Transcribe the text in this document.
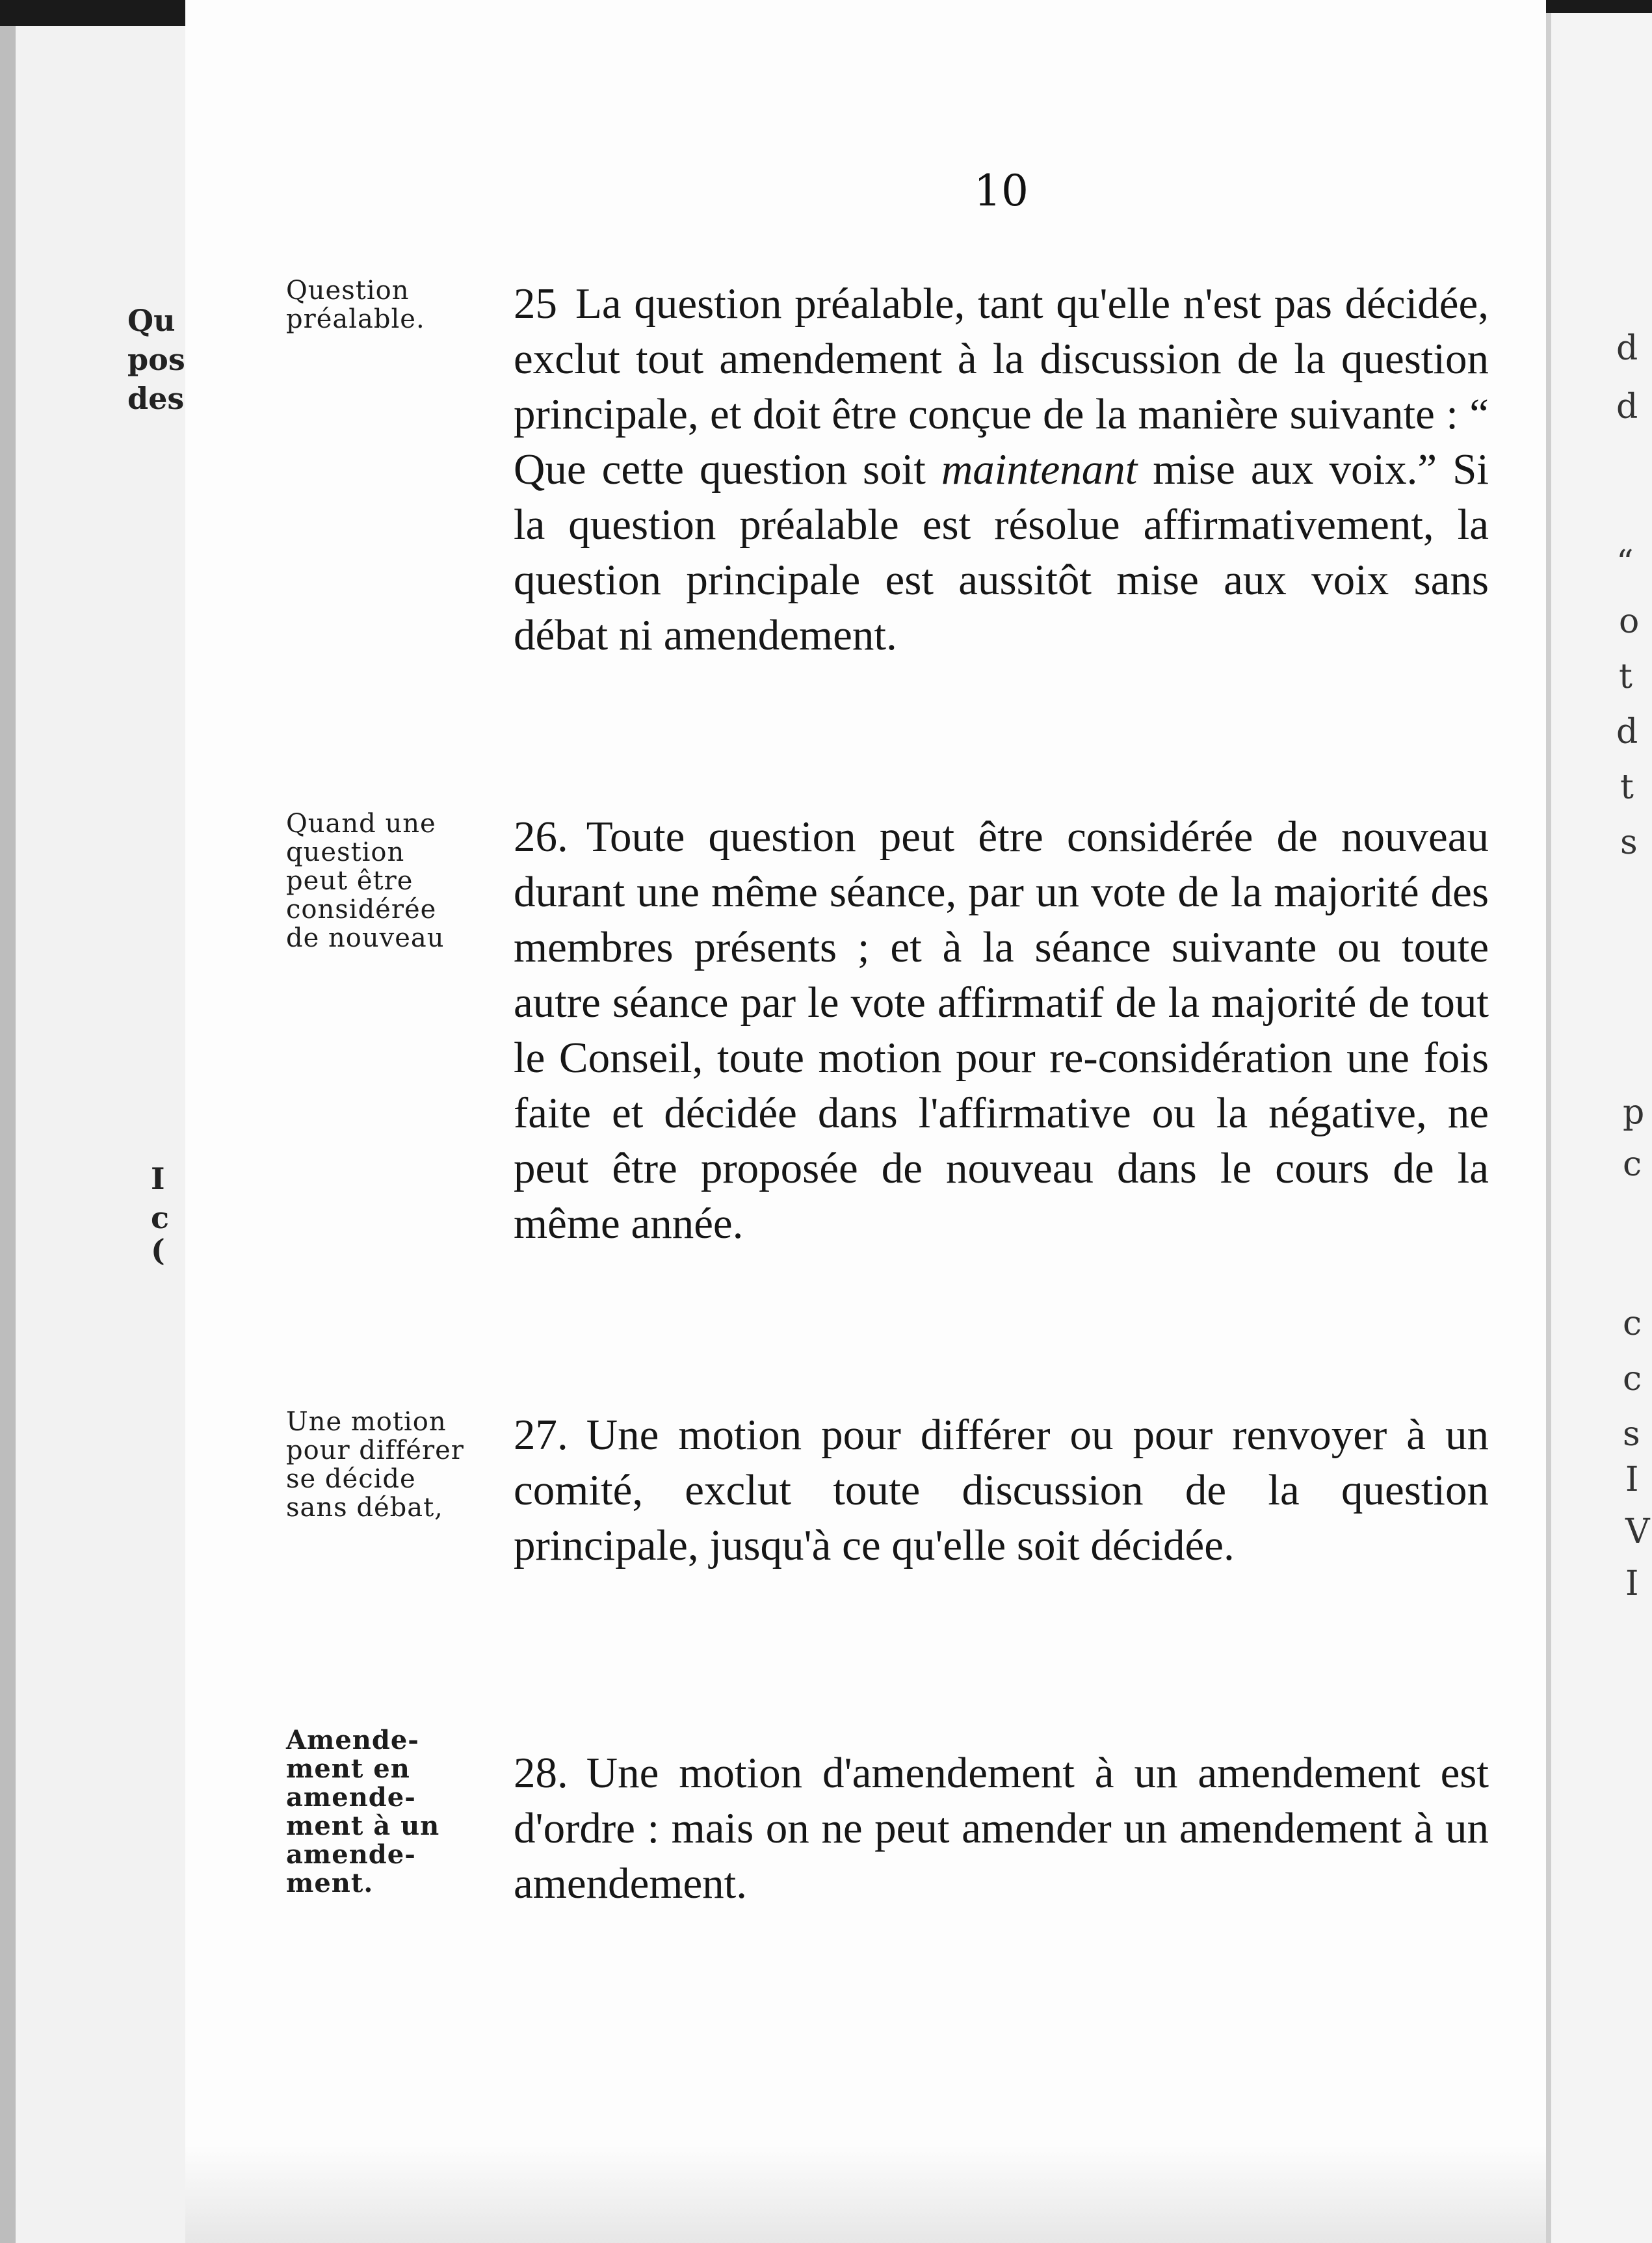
Qu
pos
des
I
c
(
d
d
“
o
t
d
t
s
p
c
c
c
s
I
V
I
10
Question
préalable.	25 La question préalable, tant qu'elle n'est pas décidée, exclut tout amendement à la discussion de la question principale, et doit être conçue de la manière suivante : “ Que cette question soit maintenant mise aux voix.” Si la question préalable est résolue affirmativement, la question principale est aussitôt mise aux voix sans débat ni amendement.
Quand une
question
peut être
considérée
de nouveau
26. Toute question peut être considérée de nouveau durant une même séance, par un vote de la majorité des membres présents ; et à la séance suivante ou toute autre séance par le vote affirmatif de la majorité de tout le Conseil, toute motion pour re-considération une fois faite et décidée dans l'affirmative ou la négative, ne peut être proposée de nouveau dans le cours de la même année.
Une motion
pour différer
se décide
sans débat,
27. Une motion pour différer ou pour renvoyer à un comité, exclut toute discussion de la question principale, jusqu'à ce qu'elle soit décidée.
Amende-
ment en
amende-
ment à un
amende-
ment.
28. Une motion d'amendement à un amendement est d'ordre : mais on ne peut amender un amendement à un amendement.
